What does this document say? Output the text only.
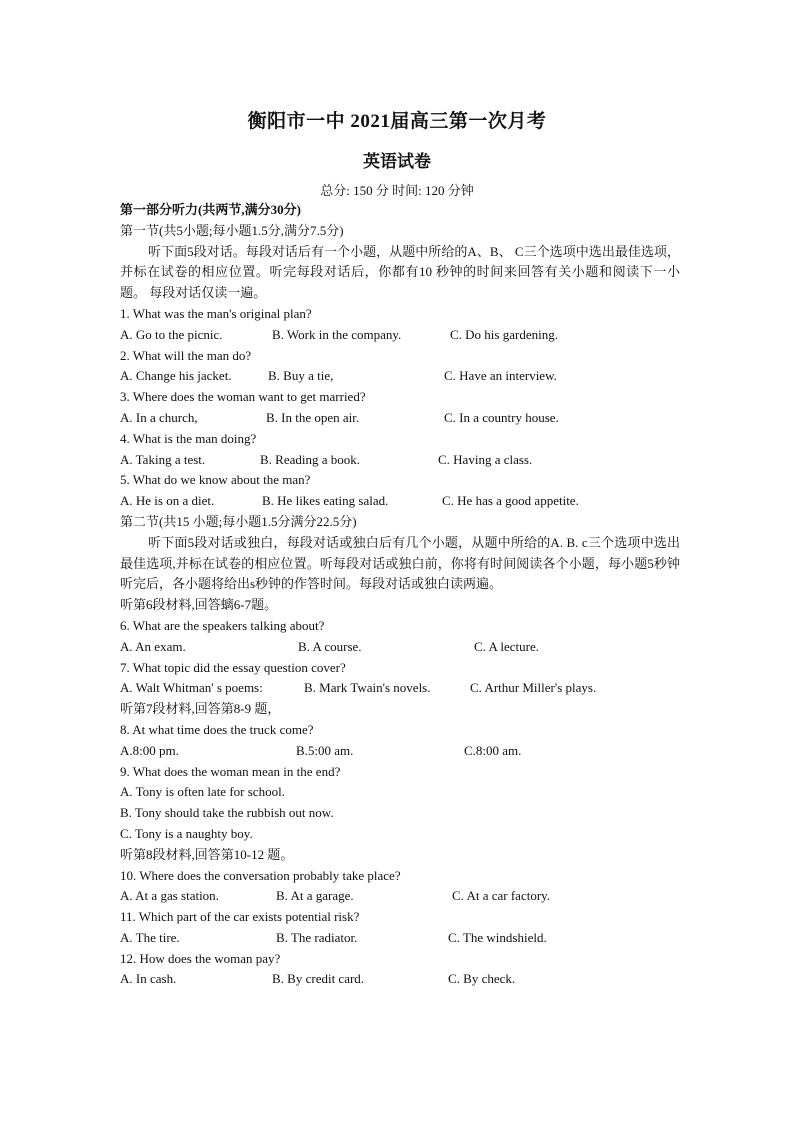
衡阳市一中 2021届高三第一次月考
英语试卷
总分: 150 分 时间: 120 分钟
第一部分听力(共两节,满分30分)
第一节(共5小题;每小题1.5分,满分7.5分)
听下面5段对话。每段对话后有一个小题，从题中所给的A、B、 C三个选项中选出最佳选项，并标在试卷的相应位置。听完每段对话后，你都有10 秒钟的时间来回答有关小题和阅读下一小题。 每段对话仅读一遍。
1. What was the man's original plan?
A. Go to the picnic.	B. Work in the company.	C. Do his gardening.
2. What will the man do?
A. Change his jacket.	B. Buy a tie,	C. Have an interview.
3. Where does the woman want to get married?
A. In a church,	B. In the open air.	C. In a country house.
4. What is the man doing?
A. Taking a test.	B. Reading a book.	C. Having a class.
5. What do we know about the man?
A. He is on a diet.	B. He likes eating salad.	C. He has a good appetite.
第二节(共15 小题;每小题1.5分满分22.5分)
听下面5段对话或独白，每段对话或独白后有几个小题，从题中所给的A. B. c三个选项中选出最佳选项,并标在试卷的相应位置。听每段对话或独白前，你将有时间阅读各个小题，每小题5秒钟听完后，各小题将给出s秒钟的作答时间。每段对话或独白读两遍。
听第6段材料,回答螭6-7题。
6. What are the speakers talking about?
A. An exam.	B. A course.	C. A lecture.
7. What topic did the essay question cover?
A. Walt Whitman' s poems:	B. Mark Twain's novels.	C. Arthur Miller's plays.
听第7段材料,回答第8-9 题，
8. At what time does the truck come?
A.8:00 pm.	B.5:00 am.	C.8:00 am.
9. What does the woman mean in the end?
A. Tony is often late for school.
B. Tony should take the rubbish out now.
C. Tony is a naughty boy.
听第8段材料,回答第10-12 题。
10. Where does the conversation probably take place?
A. At a gas station.	B. At a garage.	C. At a car factory.
11. Which part of the car exists potential risk?
A. The tire.	B. The radiator.	C. The windshield.
12. How does the woman pay?
A. In cash.	B. By credit card.	C. By check.
